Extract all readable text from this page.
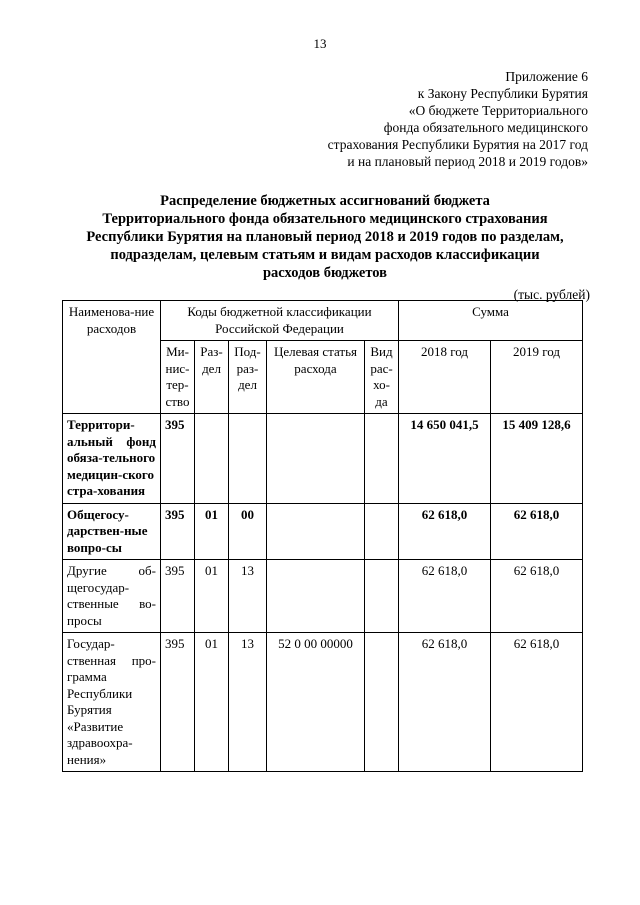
13
Приложение 6
к Закону Республики Бурятия
«О бюджете Территориального
фонда обязательного медицинского
страхования Республики Бурятия на 2017 год
и на плановый период 2018 и 2019 годов»
Распределение бюджетных ассигнований бюджета
Территориального фонда обязательного медицинского страхования
Республики Бурятия на плановый период 2018 и 2019 годов по разделам,
подразделам, целевым статьям и видам расходов классификации
расходов бюджетов
(тыс. рублей)
Наименова-ние расходов	Коды бюджетной классификации Российской Федерации					Сумма	
	Ми-нис-тер-ство	Раз-дел	Под-раз-дел	Целевая статья расхода	Вид рас-хо-да	2018 год	2019 год
Территори-альный фонд обяза-тельного медицин-ского стра-хования	395					14 650 041,5	15 409 128,6
Общегосу-дарствен-ные вопро-сы	395	01	00			62 618,0	62 618,0
Другие об-щегосудар-ственные во-просы	395	01	13			62 618,0	62 618,0
Государ-ственная про-грамма Республики Бурятия «Развитие здравоохра-нения»	395	01	13	52 0 00 00000		62 618,0	62 618,0
